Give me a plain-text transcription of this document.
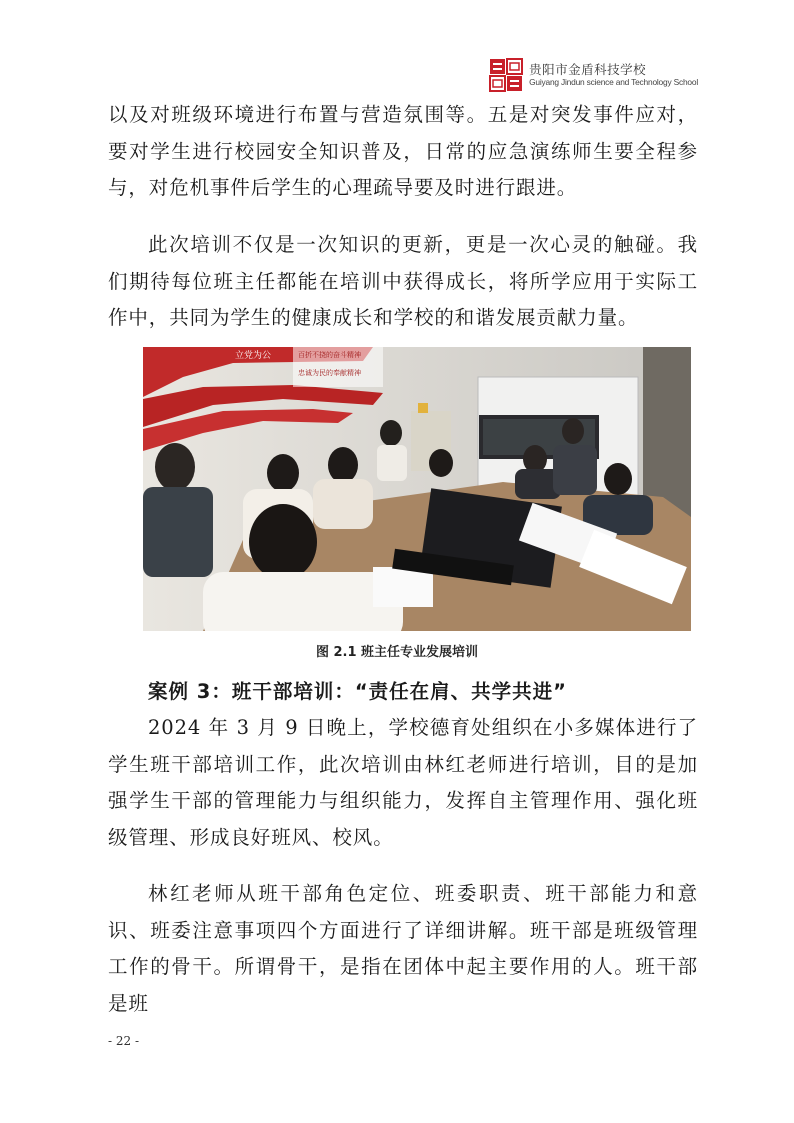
贵阳市金盾科技学校
Guiyang Jindun science and Technology School
以及对班级环境进行布置与营造氛围等。五是对突发事件应对，要对学生进行校园安全知识普及，日常的应急演练师生要全程参与，对危机事件后学生的心理疏导要及时进行跟进。
此次培训不仅是一次知识的更新，更是一次心灵的触碰。我们期待每位班主任都能在培训中获得成长，将所学应用于实际工作中，共同为学生的健康成长和学校的和谐发展贡献力量。
立党为公	百折不挠的奋斗精神
忠诚为民的奉献精神
图 2.1 班主任专业发展培训
案例 3：班干部培训：“责任在肩、共学共进”
2024 年 3 月 9 日晚上，学校德育处组织在小多媒体进行了学生班干部培训工作，此次培训由林红老师进行培训，目的是加强学生干部的管理能力与组织能力，发挥自主管理作用、强化班级管理、形成良好班风、校风。
林红老师从班干部角色定位、班委职责、班干部能力和意识、班委注意事项四个方面进行了详细讲解。班干部是班级管理工作的骨干。所谓骨干，是指在团体中起主要作用的人。班干部是班
- 22 -
